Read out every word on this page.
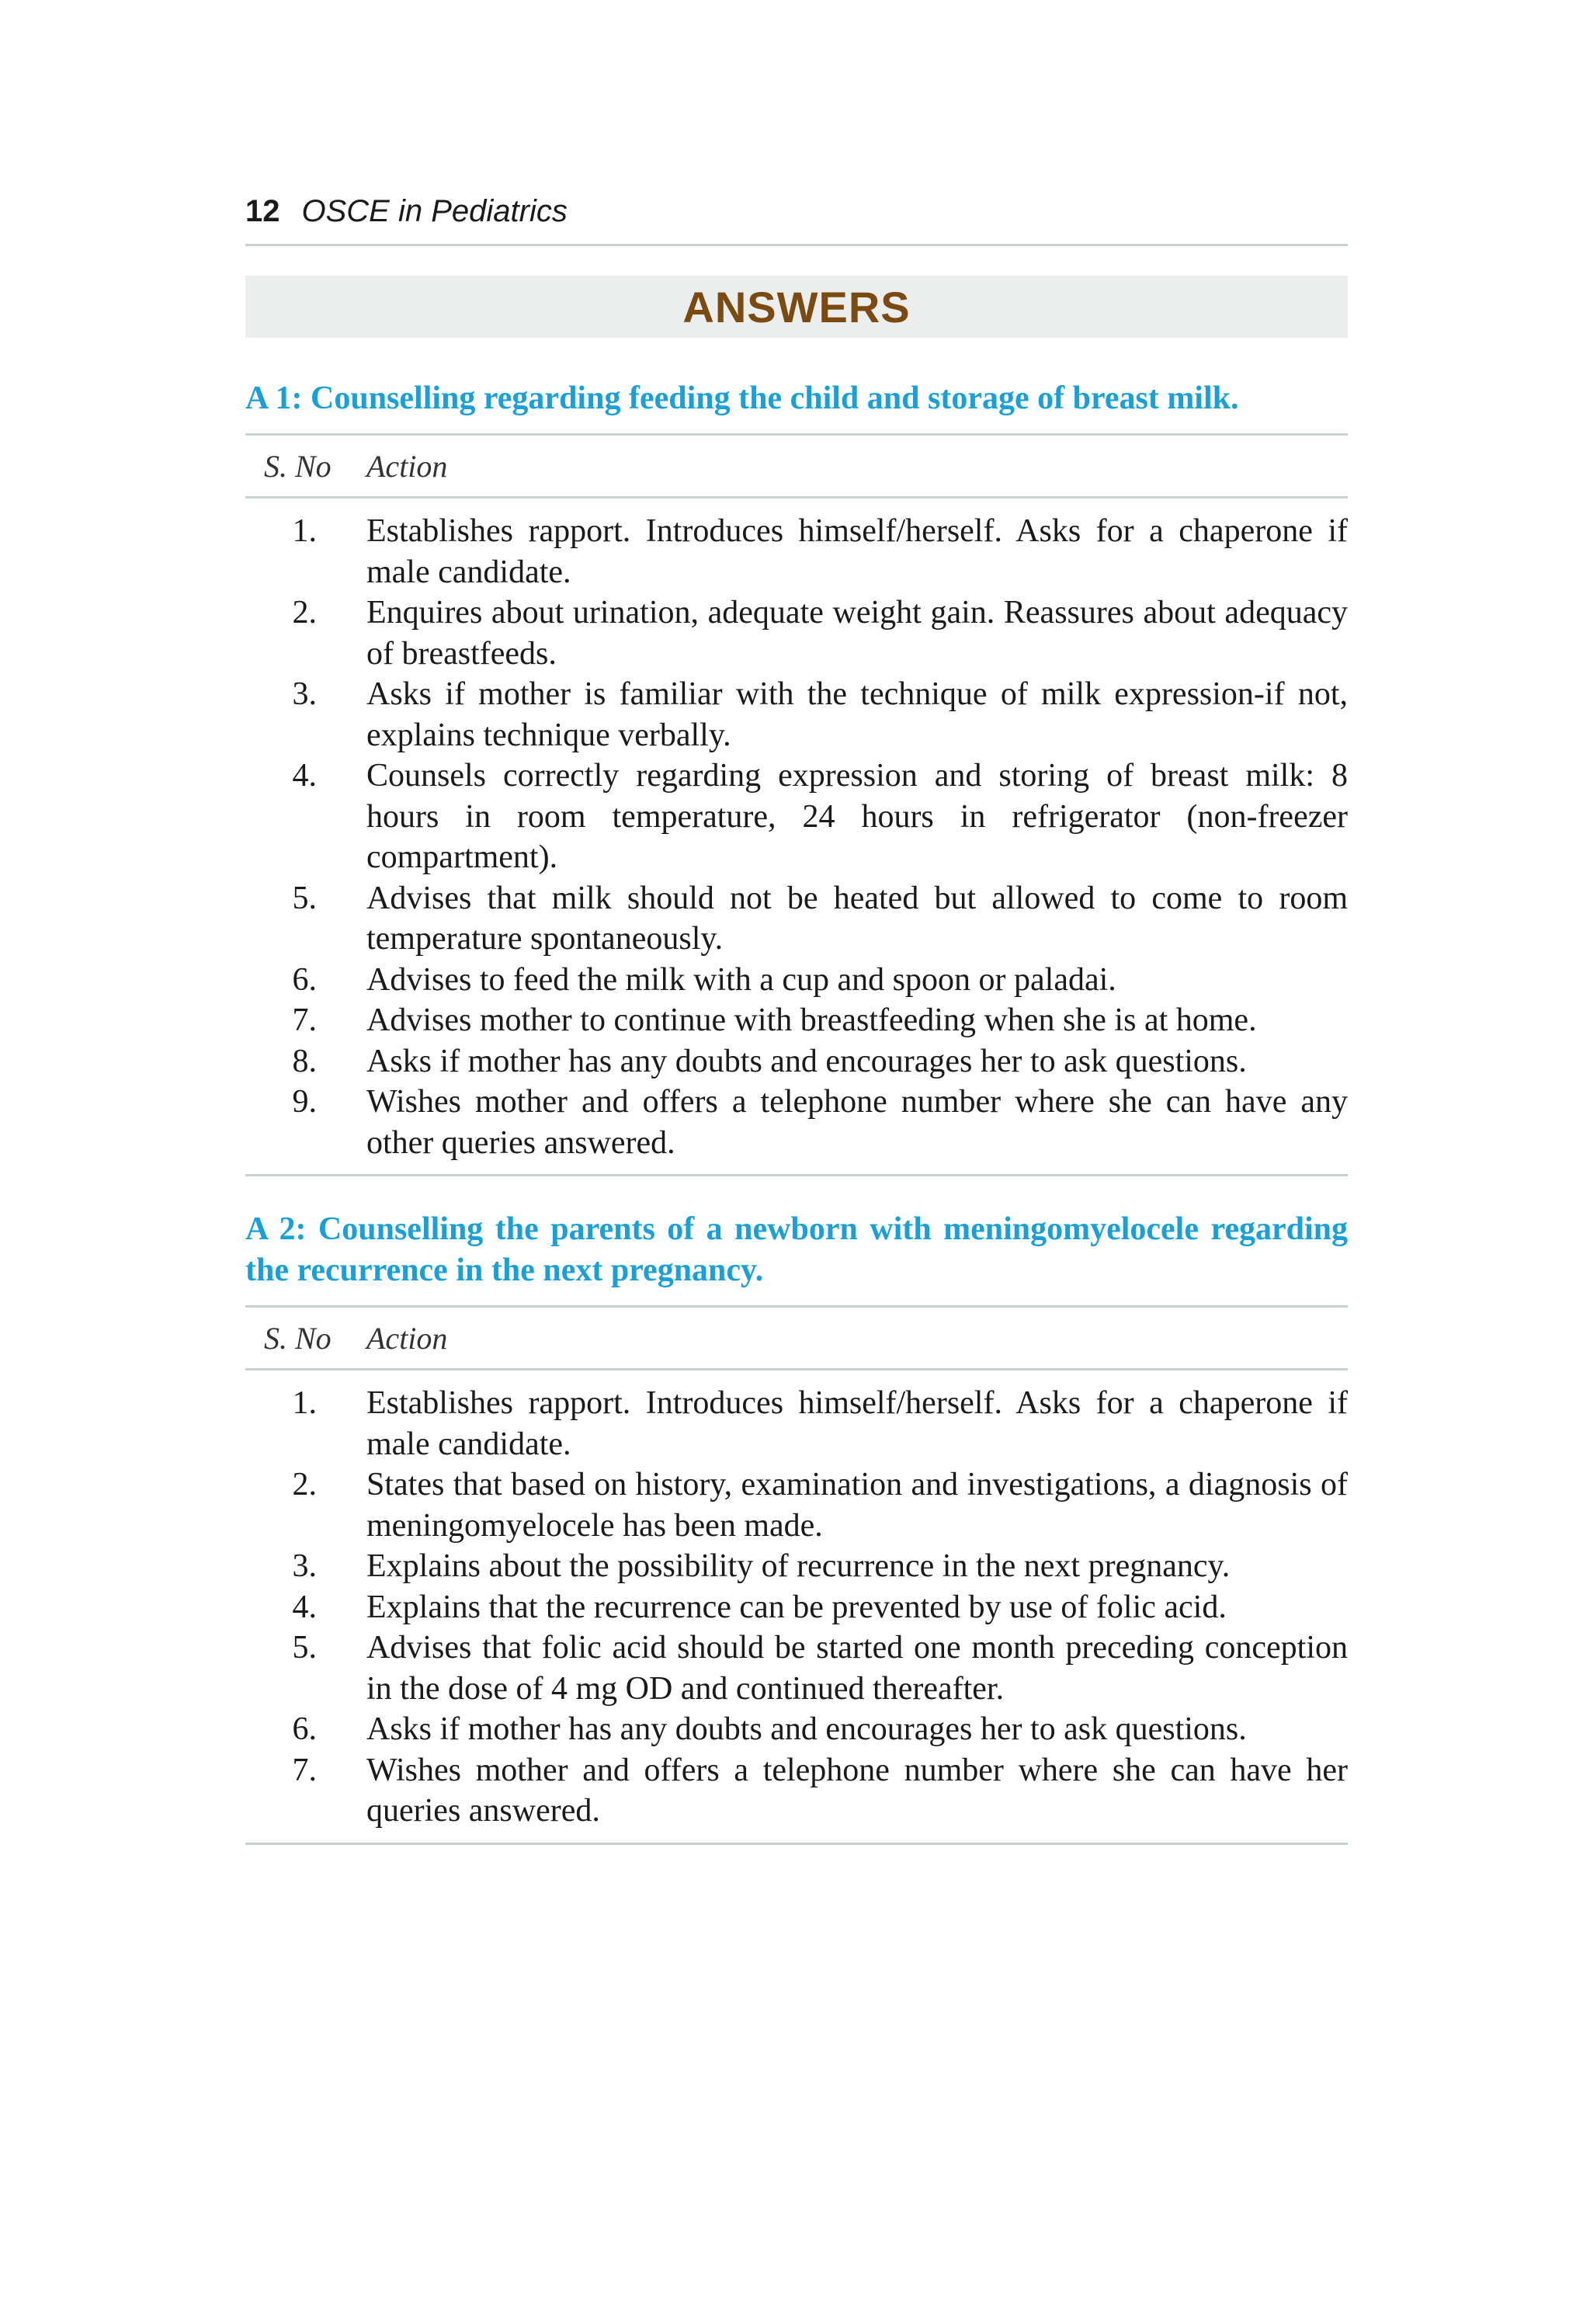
12 OSCE in Pediatrics
ANSWERS
A 1: Counselling regarding feeding the child and storage of breast milk.
S. No	Action
1. Establishes rapport. Introduces himself/herself. Asks for a chaperone if male candidate.
2. Enquires about urination, adequate weight gain. Reassures about adequacy of breastfeeds.
3. Asks if mother is familiar with the technique of milk expression-if not, explains technique verbally.
4. Counsels correctly regarding expression and storing of breast milk: 8 hours in room temperature, 24 hours in refrigerator (non-freezer compartment).
5. Advises that milk should not be heated but allowed to come to room temperature spontaneously.
6. Advises to feed the milk with a cup and spoon or paladai.
7. Advises mother to continue with breastfeeding when she is at home.
8. Asks if mother has any doubts and encourages her to ask questions.
9. Wishes mother and offers a telephone number where she can have any other queries answered.
A 2: Counselling the parents of a newborn with meningomyelocele regarding the recurrence in the next pregnancy.
S. No	Action
1. Establishes rapport. Introduces himself/herself. Asks for a chaperone if male candidate.
2. States that based on history, examination and investigations, a diagnosis of meningomyelocele has been made.
3. Explains about the possibility of recurrence in the next pregnancy.
4. Explains that the recurrence can be prevented by use of folic acid.
5. Advises that folic acid should be started one month preceding conception in the dose of 4 mg OD and continued thereafter.
6. Asks if mother has any doubts and encourages her to ask questions.
7. Wishes mother and offers a telephone number where she can have her queries answered.
